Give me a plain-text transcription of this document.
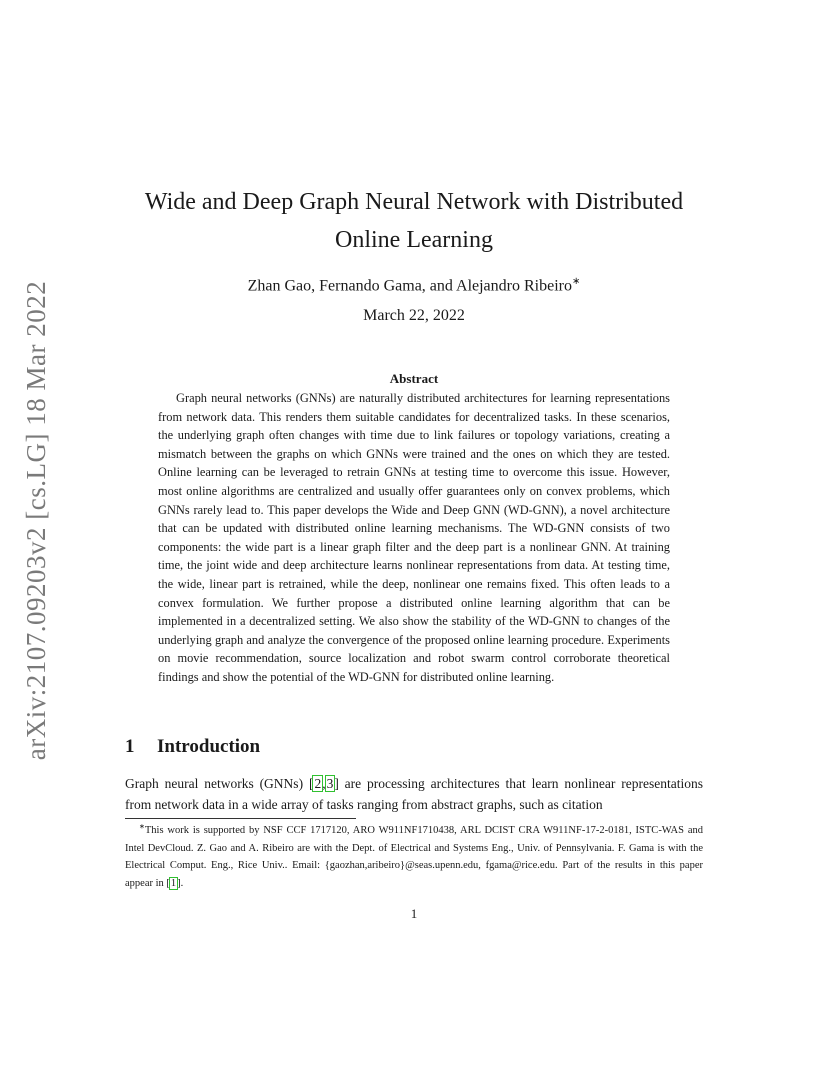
arXiv:2107.09203v2 [cs.LG] 18 Mar 2022
Wide and Deep Graph Neural Network with Distributed
Online Learning
Zhan Gao, Fernando Gama, and Alejandro Ribeiro∗
March 22, 2022
Abstract
Graph neural networks (GNNs) are naturally distributed architectures for learning representations from network data. This renders them suitable candidates for decentralized tasks. In these scenarios, the underlying graph often changes with time due to link failures or topology variations, creating a mismatch between the graphs on which GNNs were trained and the ones on which they are tested. Online learning can be leveraged to retrain GNNs at testing time to overcome this issue. However, most online algorithms are centralized and usually offer guarantees only on convex problems, which GNNs rarely lead to. This paper develops the Wide and Deep GNN (WD-GNN), a novel architecture that can be updated with distributed online learning mechanisms. The WD-GNN consists of two components: the wide part is a linear graph filter and the deep part is a nonlinear GNN. At training time, the joint wide and deep architecture learns nonlinear representations from data. At testing time, the wide, linear part is retrained, while the deep, nonlinear one remains fixed. This often leads to a convex formulation. We further propose a distributed online learning algorithm that can be implemented in a decentralized setting. We also show the stability of the WD-GNN to changes of the underlying graph and analyze the convergence of the proposed online learning procedure. Experiments on movie recommendation, source localization and robot swarm control corroborate theoretical findings and show the potential of the WD-GNN for distributed online learning.
1 Introduction
Graph neural networks (GNNs) [2,3] are processing architectures that learn nonlinear representations from network data in a wide array of tasks ranging from abstract graphs, such as citation
∗This work is supported by NSF CCF 1717120, ARO W911NF1710438, ARL DCIST CRA W911NF-17-2-0181, ISTC-WAS and Intel DevCloud. Z. Gao and A. Ribeiro are with the Dept. of Electrical and Systems Eng., Univ. of Pennsylvania. F. Gama is with the Electrical Comput. Eng., Rice Univ.. Email: {gaozhan,aribeiro}@seas.upenn.edu, fgama@rice.edu. Part of the results in this paper appear in [1].
1
